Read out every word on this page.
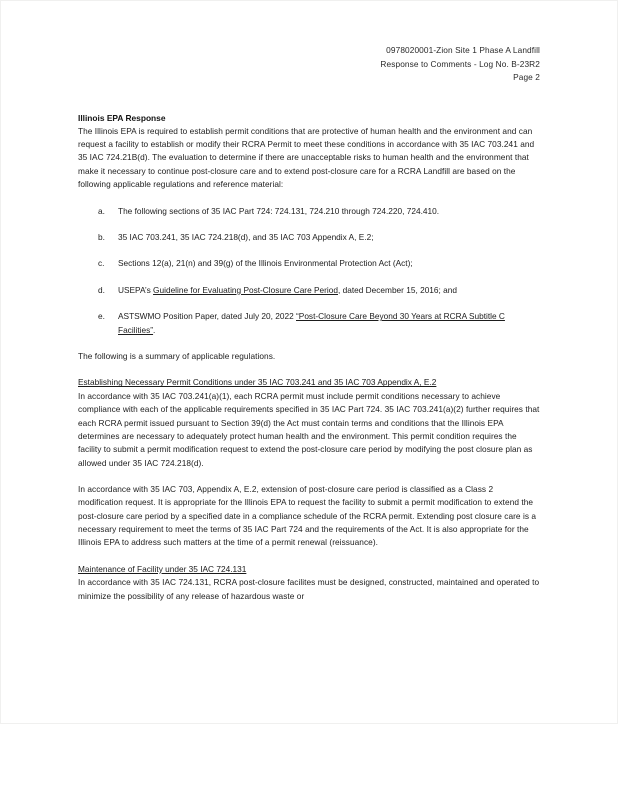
0978020001-Zion Site 1 Phase A Landfill
Response to Comments - Log No. B-23R2
Page 2
Illinois EPA Response

The Illinois EPA is required to establish permit conditions that are protective of human health and the environment and can request a facility to establish or modify their RCRA Permit to meet these conditions in accordance with 35 IAC 703.241 and 35 IAC 724.21B(d). The evaluation to determine if there are unacceptable risks to human health and the environment that make it necessary to continue post-closure care and to extend post-closure care for a RCRA Landfill are based on the following applicable regulations and reference material:

a.	The following sections of 35 IAC Part 724: 724.131, 724.210 through 724.220, 724.410.
b.	35 IAC 703.241, 35 IAC 724.218(d), and 35 IAC 703 Appendix A, E.2;
c.	Sections 12(a), 21(n) and 39(g) of the Illinois Environmental Protection Act (Act);
d.	USEPA’s Guideline for Evaluating Post-Closure Care Period, dated December 15, 2016; and
e.	ASTSWMO Position Paper, dated July 20, 2022 “Post-Closure Care Beyond 30 Years at RCRA Subtitle C Facilities”.

The following is a summary of applicable regulations.

Establishing Necessary Permit Conditions under 35 IAC 703.241 and 35 IAC 703 Appendix A, E.2

In accordance with 35 IAC 703.241(a)(1), each RCRA permit must include permit conditions necessary to achieve compliance with each of the applicable requirements specified in 35 IAC Part 724. 35 IAC 703.241(a)(2) further requires that each RCRA permit issued pursuant to Section 39(d) the Act must contain terms and conditions that the Illinois EPA determines are necessary to adequately protect human health and the environment. This permit condition requires the facility to submit a permit modification request to extend the post-closure care period by modifying the post closure plan as allowed under 35 IAC 724.218(d).

In accordance with 35 IAC 703, Appendix A, E.2, extension of post-closure care period is classified as a Class 2 modification request. It is appropriate for the Illinois EPA to request the facility to submit a permit modification to extend the post-closure care period by a specified date in a compliance schedule of the RCRA permit. Extending post closure care is a necessary requirement to meet the terms of 35 IAC Part 724 and the requirements of the Act. It is also appropriate for the Illinois EPA to address such matters at the time of a permit renewal (reissuance).

Maintenance of Facility under 35 IAC 724.131

In accordance with 35 IAC 724.131, RCRA post-closure facilites must be designed, constructed, maintained and operated to minimize the possibility of any release of hazardous waste or
